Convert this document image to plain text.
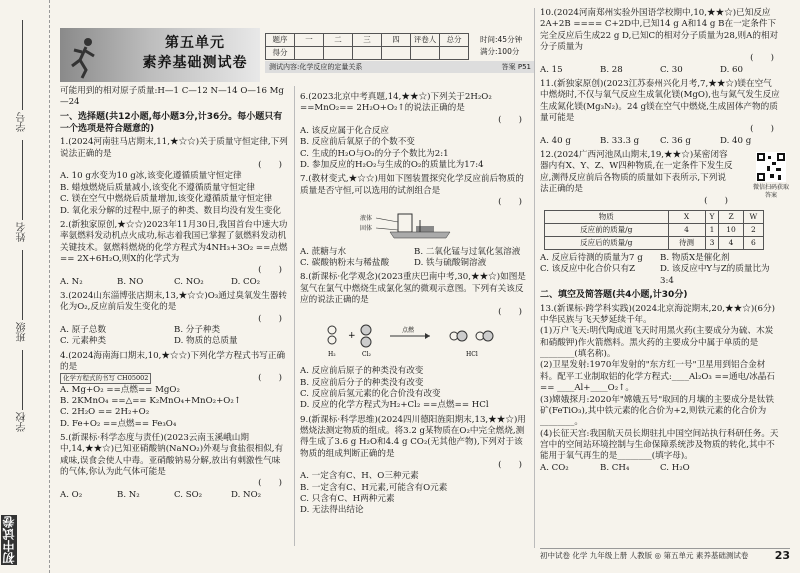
学号
姓名
班级
学校
初中试卷
第五单元
素养基础测试卷
题序	一	二	三	四	评卷人	总分
得分						
时间:45分钟
满分:100分
测试内容:化学反应的定量关系	答案 P51
可能用到的相对原子质量:H—1 C—12 N—14 O—16 Mg—24
一、选择题(共12小题,每小题3分,计36分。每小题只有一个选项是符合题意的)
1.(2024河南驻马店期末,11,★☆☆)关于质量守恒定律,下列说法正确的是
(　　)
A. 10 g水变为10 g冰,该变化遵循质量守恒定律
B. 蜡烛燃烧后质量减小,该变化不遵循质量守恒定律
C. 镁在空气中燃烧后质量增加,该变化遵循质量守恒定律
D. 氧化汞分解的过程中,原子的种类、数目均没有发生变化
2.(新独家原创,★☆☆)2023年11月30日,我国首台中速大功率氨燃料发动机点火成功,标志着我国已掌握了氨燃料发动机关键技术。氨燃料燃烧的化学方程式为4NH₃+3O₂ ==点燃== 2X+6H₂O,则X的化学式为
(　　)
A. N₂	B. NO	C. NO₂	D. CO₂
3.(2024山东淄博张店期末,13,★☆☆)O₃通过臭氧发生器转化为O₂,反应前后发生变化的是
(　　)
A. 原子总数	B. 分子种类
C. 元素种类	D. 物质的总质量
4.(2024海南海口期末,10,★☆☆)下列化学方程式书写正确的是
化学方程式的书写 CH05002	(　　)
A. Mg+O₂ ==点燃== MgO₂
B. 2KMnO₄ ==△== K₂MnO₄+MnO₂+O₂↑
C. 2H₂O == 2H₂+O₂
D. Fe+O₂ ==点燃== Fe₃O₄
5.(新课标·科学态度与责任)(2023云南玉溪峨山期中,14,★★☆)已知亚硝酸钠(NaNO₂)外观与食盐很相似,有咸味,误食会使人中毒。亚硝酸钠易分解,放出有刺激性气味的气体,你认为此气体可能是
(　　)
A. O₂	B. N₂	C. SO₂	D. NO₂
6.(2023北京中考真题,14,★★☆)下列关于2H₂O₂ ==MnO₂== 2H₂O+O₂↑的说法正确的是
(　　)
A. 该反应属于化合反应
B. 反应前后氧原子的个数不变
C. 生成的H₂O与O₂的分子个数比为2:1
D. 参加反应的H₂O₂与生成的O₂的质量比为17:4
7.(教材变式,★☆☆)用如下图装置探究化学反应前后物质的质量是否守恒,可以选用的试剂组合是
(　　)
液体
固体
A. 蔗糖与水	B. 二氧化锰与过氧化氢溶液
C. 碳酸钠粉末与稀盐酸	D. 铁与硫酸铜溶液
8.(新课标·化学观念)(2023重庆巴南中考,30,★★☆)如图是氢气在氯气中燃烧生成氯化氢的微观示意图。下列有关该反应的说法正确的是
(　　)
+
点燃
H₂	Cl₂	HCl
A. 反应前后原子的种类没有改变
B. 反应前后分子的种类没有改变
C. 反应前后氢元素的化合价没有改变
D. 反应的化学方程式为H₂+Cl₂ ==点燃== HCl
9.(新课标·科学思维)(2024四川德阳旌阳期末,13,★★☆)用燃烧法测定物质的组成。将3.2 g某物质在O₂中完全燃烧,测得生成了3.6 g H₂O和4.4 g CO₂(无其他产物),下列对于该物质的组成判断正确的是
(　　)
A. 一定含有C、H、O三种元素
B. 一定含有C、H元素,可能含有O元素
C. 只含有C、H两种元素
D. 无法得出结论
10.(2024河南郑州实验外国语学校期中,10,★★☆)已知反应2A+2B ==== C+2D中,已知14 g A和14 g B在一定条件下完全反应后生成22 g D,已知C的相对分子质量为28,则A的相对分子质量为
(　　)
A. 15	B. 28	C. 30	D. 60
11.(新独家原创)(2023江苏泰州兴化月考,7,★★☆)镁在空气中燃烧时,不仅与氧气反应生成氧化镁(MgO),也与氮气发生反应生成氮化镁(Mg₃N₂)。24 g镁在空气中燃烧,生成固体产物的质量可能是
(　　)
A. 40 g	B. 33.3 g	C. 36 g	D. 40 g
12.(2024广西河池凤山期末,19,★★☆)某密闭容器内有X、Y、Z、W四种物质,在一定条件下发生反应,测得反应前后各物质的质量如下表所示,下列说法正确的是
(　　)
物质	X	Y	Z	W
反应前的质量/g	4	1	10	2
反应后的质量/g	待测	3	4	6
A. 反应后待测的质量为7 g	B. 物质X是催化剂
C. 该反应中化合价只有Z	D. 该反应中Y与Z的质量比为3:4
二、填空及简答题(共4小题,计30分)
13.(新课标·跨学科实践)(2024北京海淀期末,20,★★☆)(6分)中华民族与飞天梦延续千年。
(1)万户飞天:明代陶成道飞天时用黑火药(主要成分为硫、木炭和硝酸钾)作火箭燃料。黑火药的主要成分中属于单质的是________(填名称)。
(2)卫星发射:1970年发射的"东方红一号"卫星用到铝合金材料。配平工业制取铝的化学方程式:____Al₂O₃ ==通电/冰晶石== ____Al+____O₂↑。
(3)嫦娥探月:2020年"嫦娥五号"取回的月壤的主要成分是钛铁矿(FeTiO₃),其中铁元素的化合价为+2,则铁元素的化合价为________。
(4)长征天宫:我国航天员长期驻扎中国空间站执行科研任务。天宫中的空间站环境控制与生命保障系统涉及物质的转化,其中不能用于氧气再生的是________(填字母)。
A. CO₂	B. CH₄	C. H₂O
微信扫码获取答案
初中试卷 化学 九年级上册 人教版 ◎ 第五单元 素养基础测试卷 23
